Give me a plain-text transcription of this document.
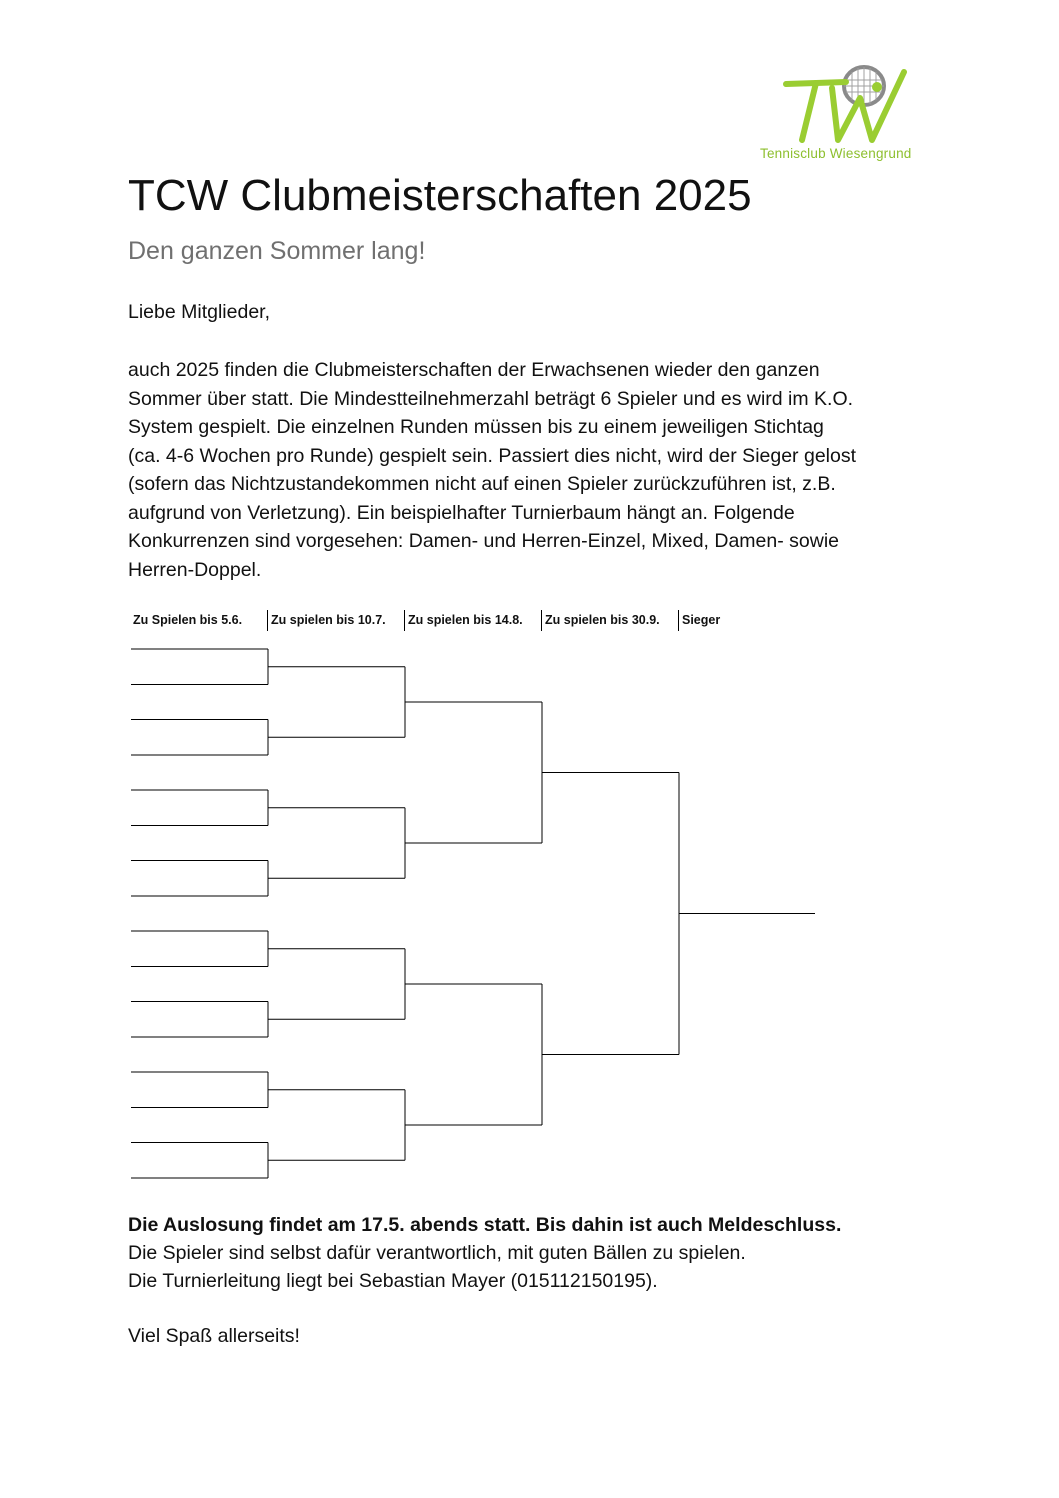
Tennisclub Wiesengrund
TCW Clubmeisterschaften 2025
Den ganzen Sommer lang!

Liebe Mitglieder,

auch 2025 finden die Clubmeisterschaften der Erwachsenen wieder den ganzen
Sommer über statt. Die Mindestteilnehmerzahl beträgt 6 Spieler und es wird im K.O.
System gespielt. Die einzelnen Runden müssen bis zu einem jeweiligen Stichtag
(ca. 4-6 Wochen pro Runde) gespielt sein. Passiert dies nicht, wird der Sieger gelost
(sofern das Nichtzustandekommen nicht auf einen Spieler zurückzuführen ist, z.B.
aufgrund von Verletzung). Ein beispielhafter Turnierbaum hängt an. Folgende
Konkurrenzen sind vorgesehen: Damen- und Herren-Einzel, Mixed, Damen- sowie
Herren-Doppel.

Zu Spielen bis 5.6.	Zu spielen bis 10.7.	Zu spielen bis 14.8.	Zu spielen bis 30.9.	Sieger

Die Auslosung findet am 17.5. abends statt. Bis dahin ist auch Meldeschluss.
Die Spieler sind selbst dafür verantwortlich, mit guten Bällen zu spielen.
Die Turnierleitung liegt bei Sebastian Mayer (015112150195).

Viel Spaß allerseits!
